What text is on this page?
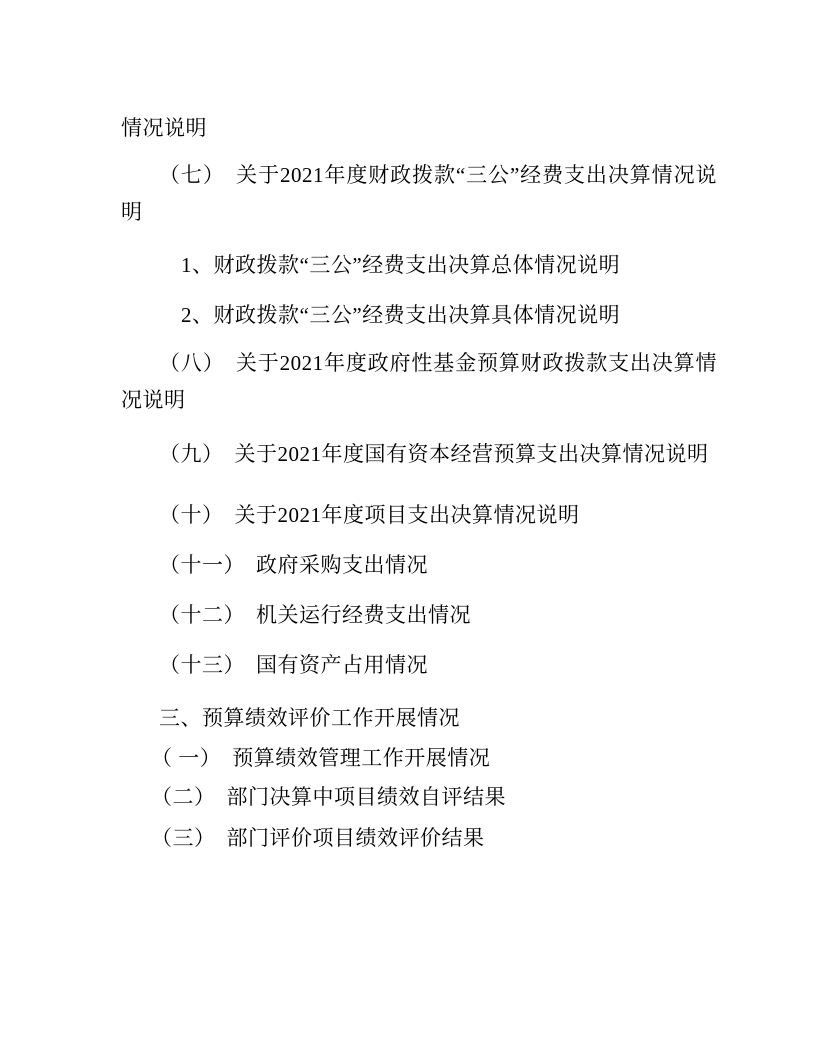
情况说明

（七）　关于2021年度财政拨款“三公”经费支出决算情况说明

1、财政拨款“三公”经费支出决算总体情况说明

2、财政拨款“三公”经费支出决算具体情况说明

（八）　关于2021年度政府性基金预算财政拨款支出决算情况说明

（九）　关于2021年度国有资本经营预算支出决算情况说明

（十）　关于2021年度项目支出决算情况说明

（十一）　政府采购支出情况

（十二）　机关运行经费支出情况

（十三）　国有资产占用情况

三、预算绩效评价工作开展情况

（ 一）　预算绩效管理工作开展情况

（二）　部门决算中项目绩效自评结果

（三）　部门评价项目绩效评价结果
